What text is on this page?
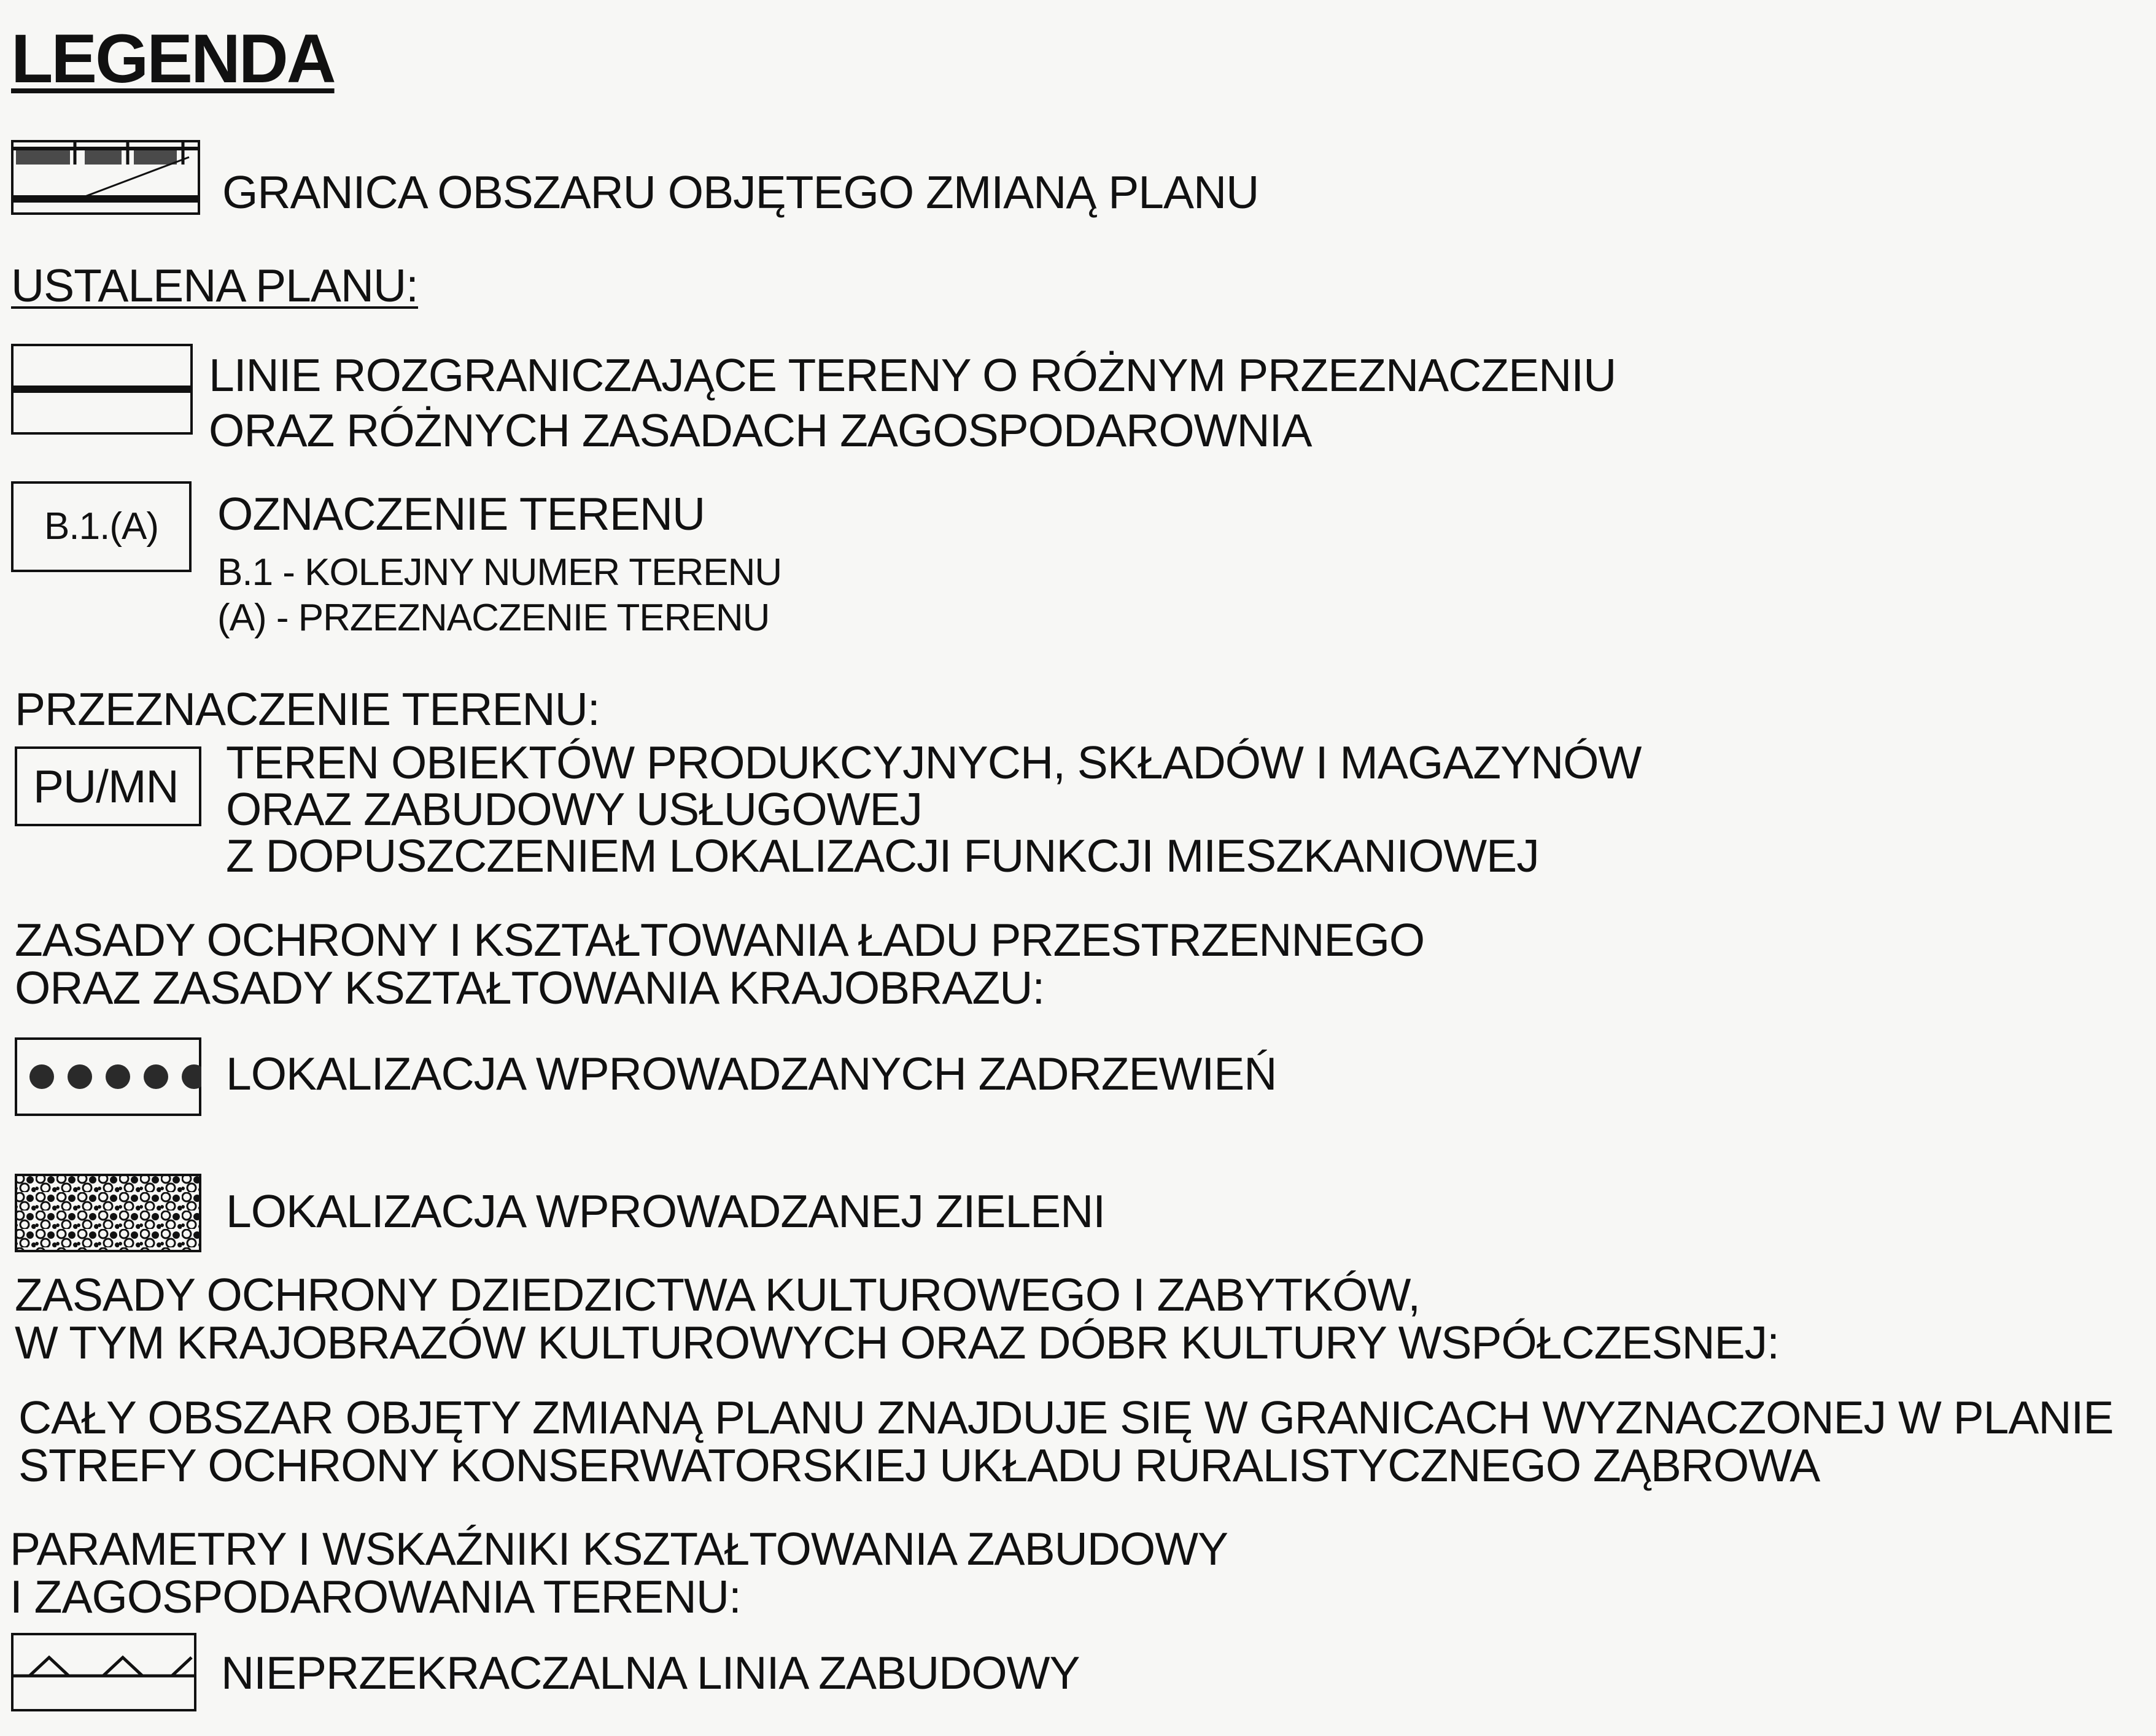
LEGENDA
GRANICA OBSZARU OBJĘTEGO ZMIANĄ PLANU
USTALENA PLANU:
LINIE ROZGRANICZAJĄCE TERENY O RÓŻNYM PRZEZNACZENIU
ORAZ RÓŻNYCH ZASADACH ZAGOSPODAROWNIA
B.1.(A)	OZNACZENIE TERENU
B.1 - KOLEJNY NUMER TERENU
(A) - PRZEZNACZENIE TERENU
PRZEZNACZENIE TERENU:
PU/MN	TEREN OBIEKTÓW PRODUKCYJNYCH, SKŁADÓW I MAGAZYNÓW
ORAZ ZABUDOWY USŁUGOWEJ
Z DOPUSZCZENIEM LOKALIZACJI FUNKCJI MIESZKANIOWEJ
ZASADY OCHRONY I KSZTAŁTOWANIA ŁADU PRZESTRZENNEGO
ORAZ ZASADY KSZTAŁTOWANIA KRAJOBRAZU:
LOKALIZACJA WPROWADZANYCH ZADRZEWIEŃ
LOKALIZACJA WPROWADZANEJ ZIELENI
ZASADY OCHRONY DZIEDZICTWA KULTUROWEGO I ZABYTKÓW,
W TYM KRAJOBRAZÓW KULTUROWYCH ORAZ DÓBR KULTURY WSPÓŁCZESNEJ:
CAŁY OBSZAR OBJĘTY ZMIANĄ PLANU ZNAJDUJE SIĘ W GRANICACH WYZNACZONEJ W PLANIE
STREFY OCHRONY KONSERWATORSKIEJ UKŁADU RURALISTYCZNEGO ZĄBROWA
PARAMETRY I WSKAŹNIKI KSZTAŁTOWANIA ZABUDOWY
I ZAGOSPODAROWANIA TERENU:
NIEPRZEKRACZALNA LINIA ZABUDOWY
